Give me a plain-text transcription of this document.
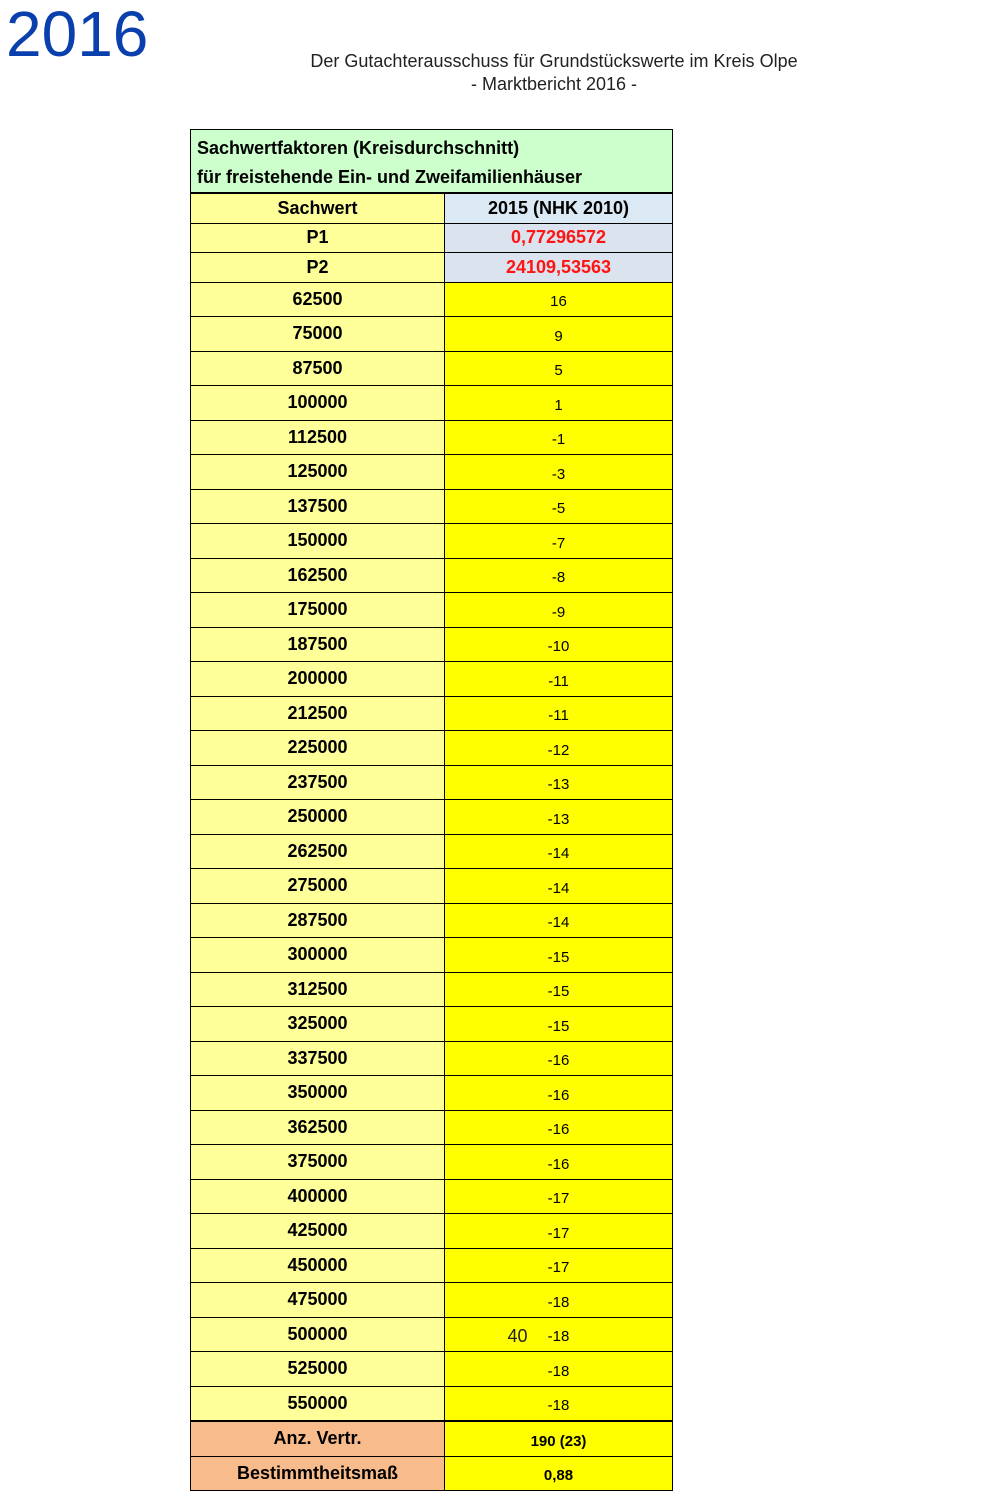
2016	Der Gutachterausschuss für Grundstückswerte im Kreis Olpe
- Marktbericht 2016 -
Sachwertfaktoren (Kreisdurchschnitt)
für freistehende Ein- und Zweifamilienhäuser	

Sachwert	2015 (NHK 2010)
P1	0,77296572
P2	24109,53563
62500	16
75000	9
87500	5
100000	1
112500	-1
125000	-3
137500	-5
150000	-7
162500	-8
175000	-9
187500	-10
200000	-11
212500	-11
225000	-12
237500	-13
250000	-13
262500	-14
275000	-14
287500	-14
300000	-15
312500	-15
325000	-15
337500	-16
350000	-16
362500	-16
375000	-16
400000	-17
425000	-17
450000	-17
475000	-18
500000	-18
525000	-18
550000	-18
Anz. Vertr.	190 (23)
Bestimmtheitsmaß	0,88
40
